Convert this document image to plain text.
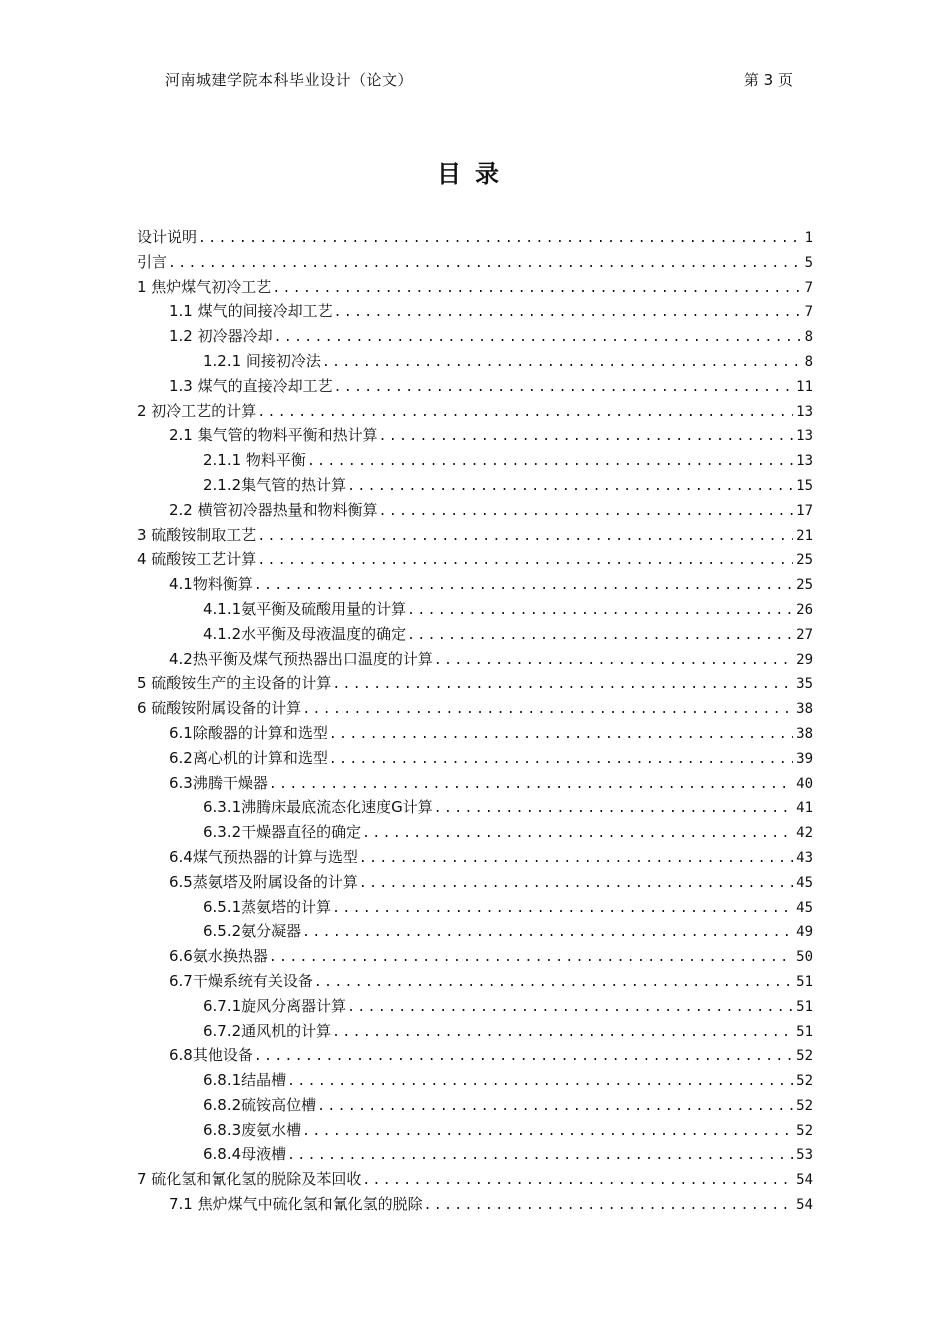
河南城建学院本科毕业设计（论文）	第 3 页
目录
设计说明 .....	1
引言 .....	5
1 焦炉煤气初冷工艺 .....	7
1.1 煤气的间接冷却工艺 .....	7
1.2 初冷器冷却 .....	8
1.2.1 间接初冷法 .....	8
1.3 煤气的直接冷却工艺 .....	11
2 初冷工艺的计算 .....	13
2.1 集气管的物料平衡和热计算 .....	13
2.1.1 物料平衡 .....	13
2.1.2集气管的热计算 .....	15
2.2 横管初冷器热量和物料衡算 .....	17
3 硫酸铵制取工艺 .....	21
4 硫酸铵工艺计算 .....	25
4.1物料衡算 .....	25
4.1.1氨平衡及硫酸用量的计算 .....	26
4.1.2水平衡及母液温度的确定 .....	27
4.2热平衡及煤气预热器出口温度的计算 .....	29
5 硫酸铵生产的主设备的计算 .....	35
6 硫酸铵附属设备的计算 .....	38
6.1除酸器的计算和选型 .....	38
6.2离心机的计算和选型 .....	39
6.3沸腾干燥器 .....	40
6.3.1沸腾床最底流态化速度G计算 .....	41
6.3.2干燥器直径的确定 .....	42
6.4煤气预热器的计算与选型 .....	43
6.5蒸氨塔及附属设备的计算 .....	45
6.5.1蒸氨塔的计算 .....	45
6.5.2氨分凝器 .....	49
6.6氨水换热器 .....	50
6.7干燥系统有关设备 .....	51
6.7.1旋风分离器计算 .....	51
6.7.2通风机的计算 .....	51
6.8其他设备 .....	52
6.8.1结晶槽 .....	52
6.8.2硫铵高位槽 .....	52
6.8.3废氨水槽 .....	52
6.8.4母液槽 .....	53
7 硫化氢和氰化氢的脱除及苯回收 .....	54
7.1 焦炉煤气中硫化氢和氰化氢的脱除 .....	54
